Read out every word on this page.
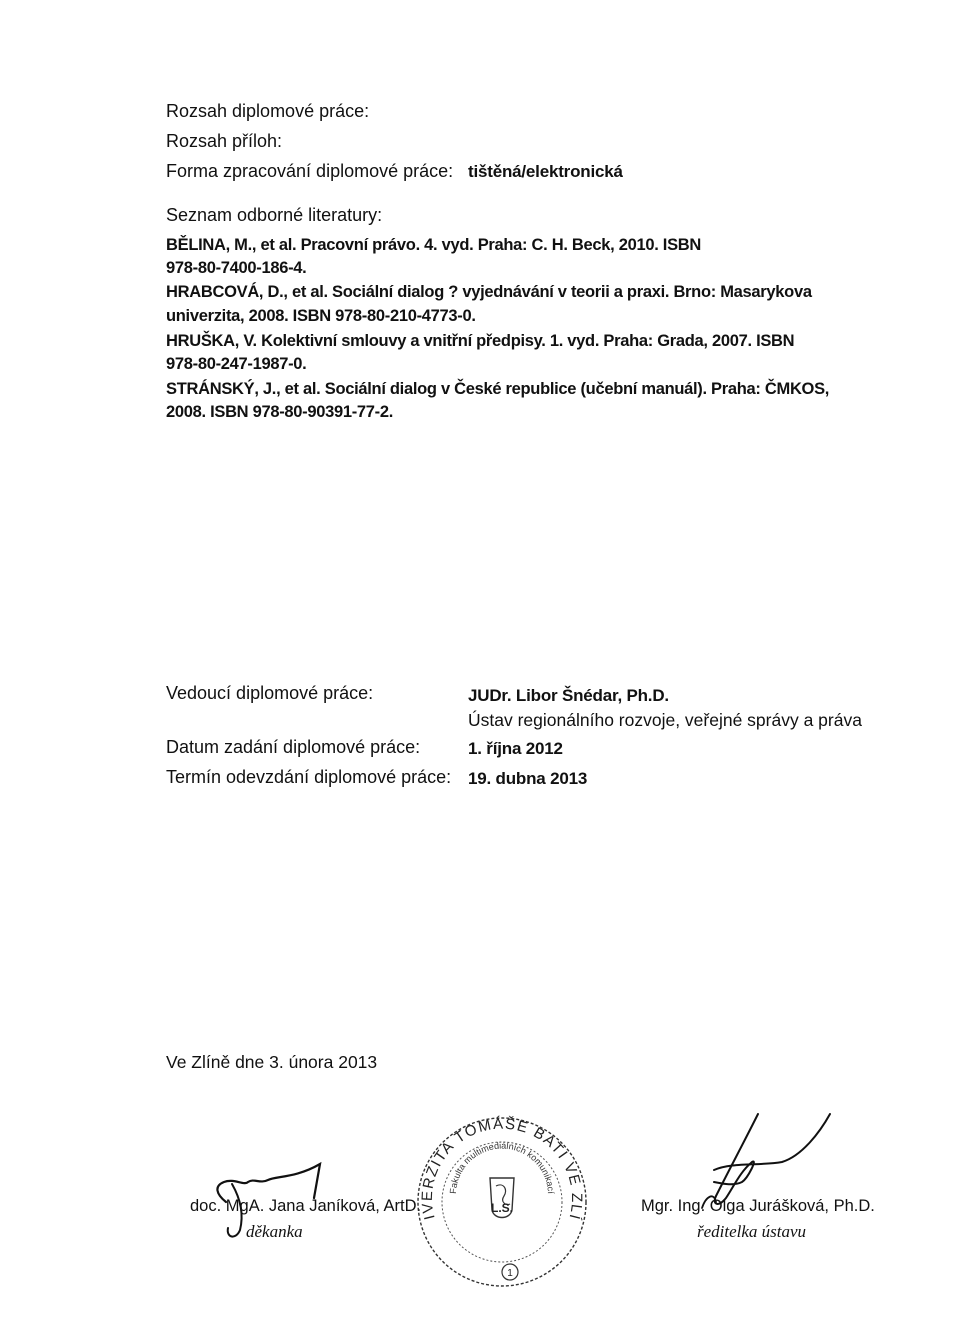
Rozsah diplomové práce:
Rozsah příloh:
Forma zpracování diplomové práce: tištěná/elektronická
Seznam odborné literatury:
BĚLINA, M., et al. Pracovní právo. 4. vyd. Praha: C. H. Beck, 2010. ISBN
978-80-7400-186-4.
HRABCOVÁ, D., et al. Sociální dialog ? vyjednávání v teorii a praxi. Brno: Masarykova
univerzita, 2008. ISBN 978-80-210-4773-0.
HRUŠKA, V. Kolektivní smlouvy a vnitřní předpisy. 1. vyd. Praha: Grada, 2007. ISBN
978-80-247-1987-0.
STRÁNSKÝ, J., et al. Sociální dialog v České republice (učební manuál). Praha: ČMKOS,
2008. ISBN 978-80-90391-77-2.
Vedoucí diplomové práce:	JUDr. Libor Šnédar, Ph.D.
Ústav regionálního rozvoje, veřejné správy a práva
Datum zadání diplomové práce:	1. října 2012
Termín odevzdání diplomové práce: 19. dubna 2013
Ve Zlíně dne 3. února 2013
doc. MgA. Jana Janíková, ArtD.
děkanka
UNIVERZITA TOMÁŠE BATI VE ZLÍNĚ
Fakulta multimediálních komunikací
L.S.
1
Mgr. Ing. Olga Jurášková, Ph.D.
ředitelka ústavu
